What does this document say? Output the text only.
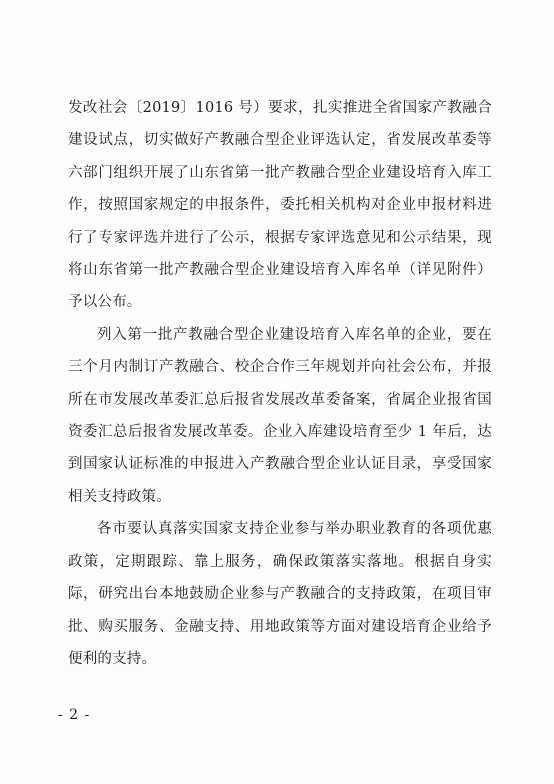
发改社会〔2019〕1016 号）要求，扎实推进全省国家产教融合建设试点，切实做好产教融合型企业评选认定，省发展改革委等六部门组织开展了山东省第一批产教融合型企业建设培育入库工作，按照国家规定的申报条件，委托相关机构对企业申报材料进行了专家评选并进行了公示，根据专家评选意见和公示结果，现将山东省第一批产教融合型企业建设培育入库名单（详见附件）予以公布。

列入第一批产教融合型企业建设培育入库名单的企业，要在三个月内制订产教融合、校企合作三年规划并向社会公布，并报所在市发展改革委汇总后报省发展改革委备案，省属企业报省国资委汇总后报省发展改革委。企业入库建设培育至少 1 年后，达到国家认证标准的申报进入产教融合型企业认证目录，享受国家相关支持政策。

各市要认真落实国家支持企业参与举办职业教育的各项优惠政策，定期跟踪、靠上服务，确保政策落实落地。根据自身实际，研究出台本地鼓励企业参与产教融合的支持政策，在项目审批、购买服务、金融支持、用地政策等方面对建设培育企业给予便利的支持。

- 2 -
